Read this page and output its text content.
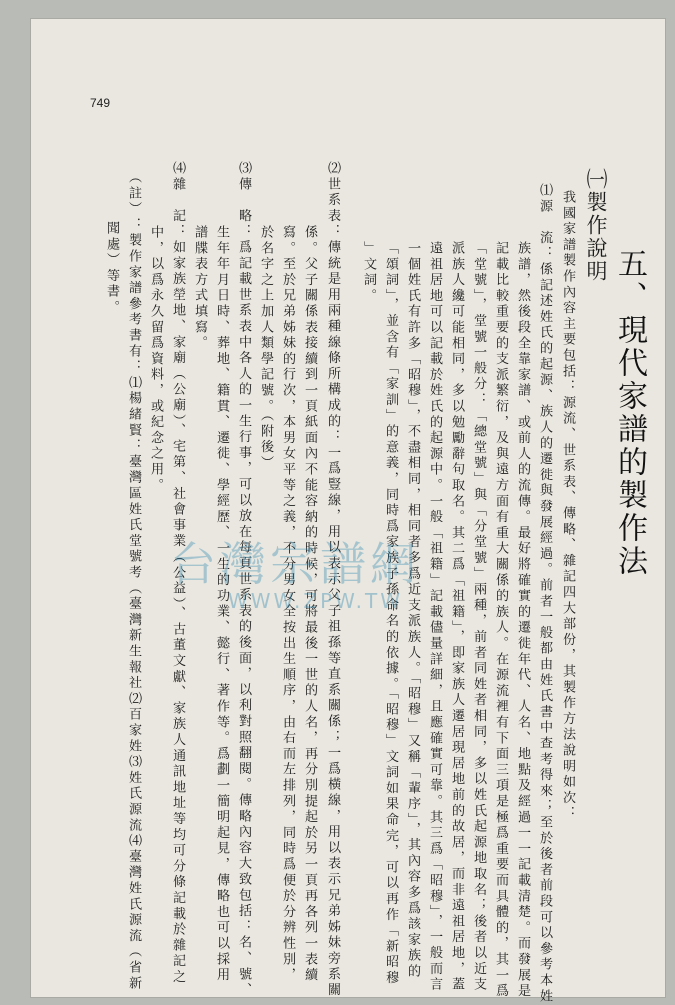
749
五、現代家譜的製作法
㈠製作說明
我國家譜製作內容主要包括：源流、世系表、傳略、雜記四大部份，其製作方法說明如次：
⑴源　流：係記述姓氏的起源、族人的遷徙與發展經過。前者一般都由姓氏書中查考得來；至於後者前段可以參考本姓
族譜，然後段全靠家譜、或前人的流傳。最好將確實的遷徙年代、人名、地點及經過一一記載清楚。而發展是
記載比較重要的支派繁衍，及與遠方面有重大關係的族人。在源流裡有下面三項是極爲重要而具體的，其一爲
「堂號」，堂號一般分：「總堂號」與「分堂號」兩種，前者同姓者相同，多以姓氏起源地取名；後者以近支
派族人纔可能相同，多以勉勵辭句取名。其二爲「祖籍」，即家族人遷居現居地前的故居，而非遠祖居地，蓋
遠祖居地可以記載於姓氏的起源中。一般「祖籍」記載儘量詳細，且應確實可靠。其三爲「昭穆」，一般而言
一個姓氏有許多「昭穆」，不盡相同，相同者多爲近支派族人。「昭穆」又稱「輩序」，其內容多爲該家族的
「頌詞」，並含有「家訓」的意義，同時爲家族子孫命名的依據。「昭穆」文詞如果命完，可以再作「新昭穆
」文詞。
⑵世系表：傳統是用兩種線條所構成的：一爲豎線，用以表示父子祖孫等直系關係；一爲橫線，用以表示兄弟姊妹旁系關
係。父子關係表接續到一頁紙面內不能容納的時候，可將最後一世的人名，再分別提起於另一頁再各列一表續
寫。至於兄弟姊妹的行次，本男女平等之義，不分男女全按出生順序，由右而左排列，同時爲便於分辨性別，
於名字之上加人類學記號。（附後）
⑶傳　略：爲記載世系表中各人的一生行事，可以放在每頁世系表的後面，以利對照翻閱。傳略內容大致包括：名、號、
生年年月日時、葬地、籍貫、遷徙、學經歷、一生的功業、懿行、著作等。爲劃一簡明起見，傳略也可以採用
譜牒表方式填寫。
⑷雜　記：如家族塋地、家廟（公廟）、宅第、社會事業（公益）、古董文獻、家族人通訊地址等均可分條記載於雜記之
中，以爲永久留爲資料，或紀念之用。
（註）：製作家譜參考書有：⑴楊緒賢：臺灣區姓氏堂號考（臺灣新生報社⑵百家姓⑶姓氏源流⑷臺灣姓氏源流（省新
聞處）等書。
台灣宗譜網
WWW.ZPW.TW
